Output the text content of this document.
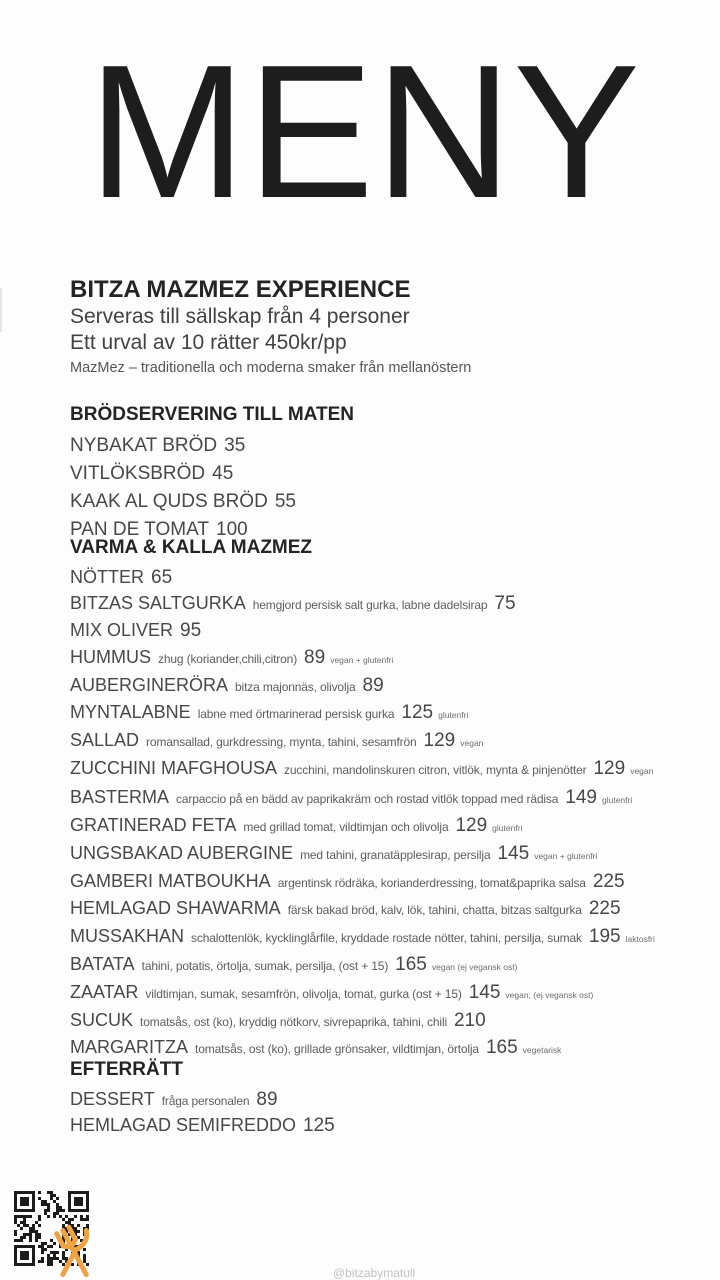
MENY
BITZA MAZMEZ EXPERIENCE

Serveras till sällskap från 4 personer

Ett urval av 10 rätter 450kr/pp

MazMez – traditionella och moderna smaker från mellanöstern

BRÖDSERVERING TILL MATEN
NYBAKAT BRÖD 35
VITLÖKSBRÖD 45
KAAK AL QUDS BRÖD 55
PAN DE TOMAT 100
VARMA & KALLA MAZMEZ
NÖTTER 65
BITZAS SALTGURKA hemgjord persisk salt gurka, labne dadelsirap 75
MIX OLIVER 95
HUMMUS zhug (koriander,chili,citron) 89 vegan + glutenfri
AUBERGINERÖRA bitza majonnäs, olivolja 89
MYNTALABNE labne med örtmarinerad persisk gurka 125 glutenfri
SALLAD romansallad, gurkdressing, mynta, tahini, sesamfrön 129 vegan
ZUCCHINI MAFGHOUSA zucchini, mandolinskuren citron, vitlök, mynta & pinjenötter 129 vegan
BASTERMA carpaccio på en bädd av paprikakräm och rostad vitlök toppad med rädisa 149 glutenfri
GRATINERAD FETA med grillad tomat, vildtimjan och olivolja 129 glutenfri
UNGSBAKAD AUBERGINE med tahini, granatäpplesirap, persilja 145 vegan + glutenfri
GAMBERI MATBOUKHA argentinsk rödräka, korianderdressing, tomat&paprika salsa 225
HEMLAGAD SHAWARMA färsk bakad bröd, kalv, lök, tahini, chatta, bitzas saltgurka 225
MUSSAKHAN schalottenlök, kycklinglårfile, kryddade rostade nötter, tahini, persilja, sumak 195 laktosfri
BATATA tahini, potatis, örtolja, sumak, persilja, (ost + 15) 165 vegan (ej vegansk ost)
ZAATAR vildtimjan, sumak, sesamfrön, olivolja, tomat, gurka (ost + 15) 145 vegan, (ej vegansk ost)
SUCUK tomatsås, ost (ko), kryddig nötkorv, sivrepaprika, tahini, chili 210
MARGARITZA tomatsås, ost (ko), grillade grönsaker, vildtimjan, örtolja 165 vegetarisk
EFTERRÄTT
DESSERT fråga personalen 89
HEMLAGAD SEMIFREDDO 125
@bitzabymatull
